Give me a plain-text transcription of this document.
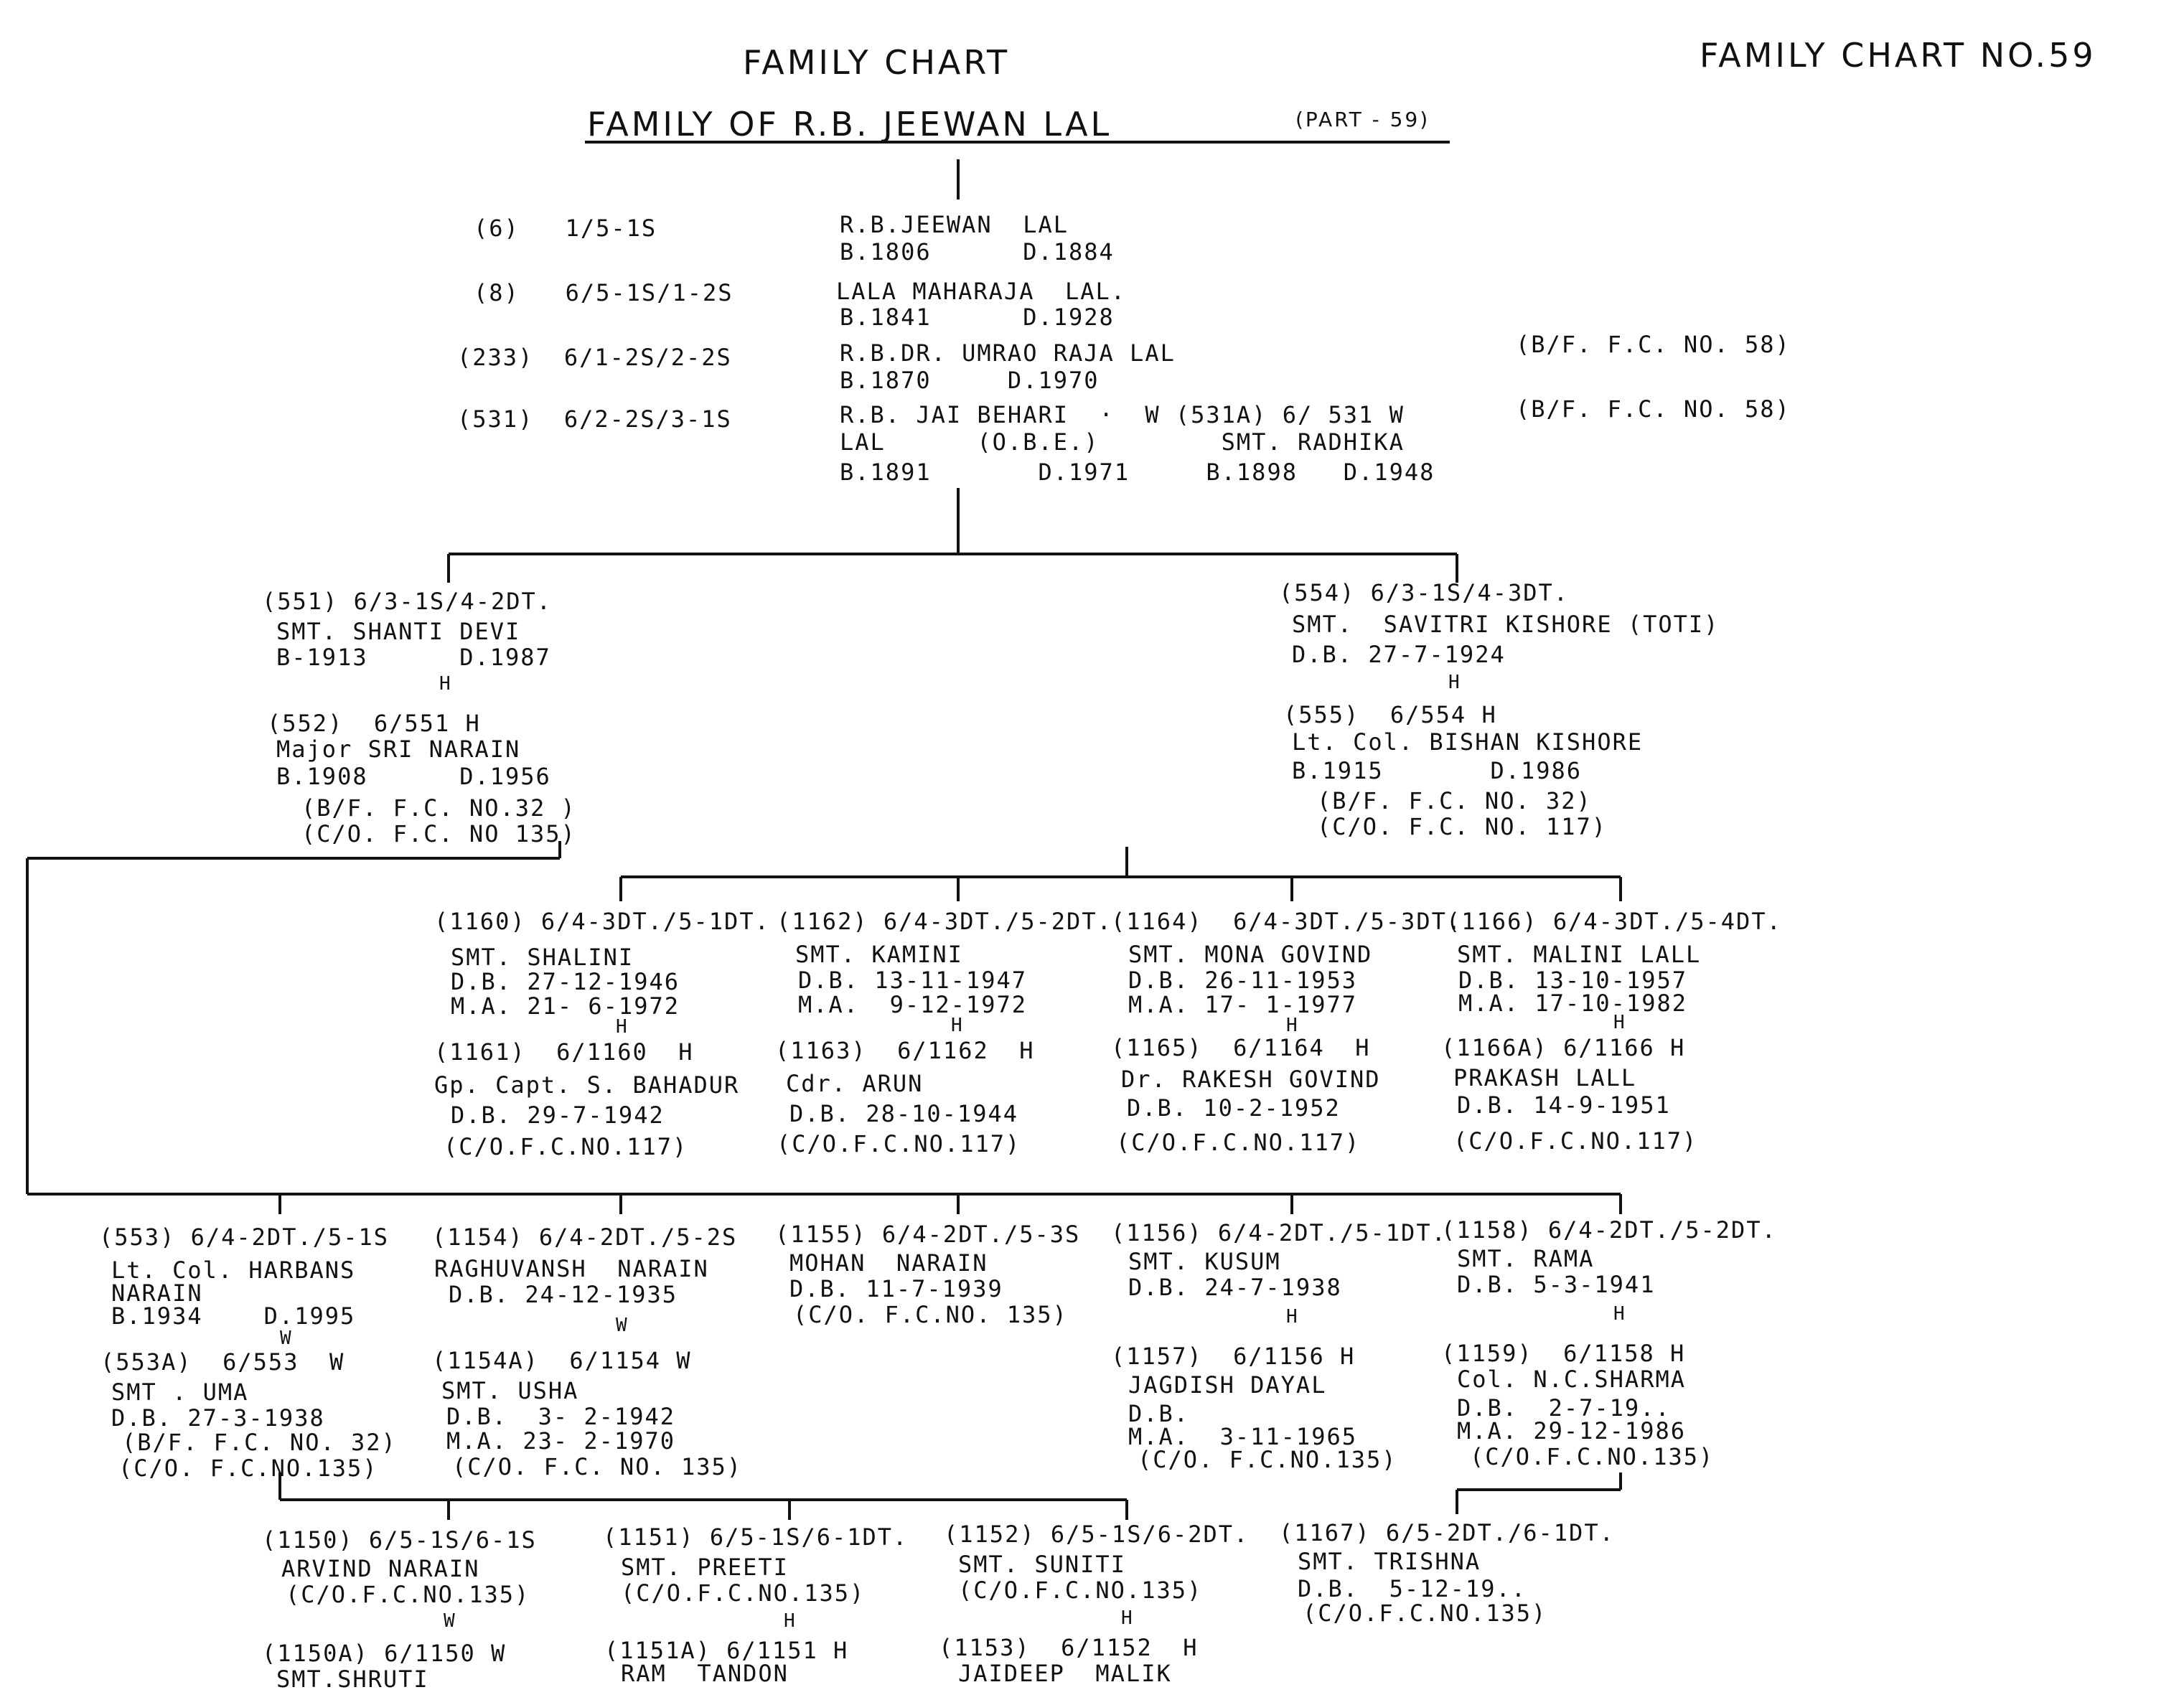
FAMILY CHART	FAMILY CHART NO.59
FAMILY OF R.B. JEEWAN LAL	(PART - 59)
(6)   1/5-1S	R.B.JEEWAN  LAL
B.1806      D.1884
(8)   6/5-1S/1-2S	LALA MAHARAJA  LAL.
B.1841      D.1928
(233)  6/1-2S/2-2S	R.B.DR. UMRAO RAJA LAL
B.1870     D.1970
(B/F. F.C. NO. 58)
(531)  6/2-2S/3-1S	R.B. JAI BEHARI  ·  W (531A) 6/ 531 W
LAL      (O.B.E.)        SMT. RADHIKA
B.1891       D.1971     B.1898   D.1948
(B/F. F.C. NO. 58)
(551) 6/3-1S/4-2DT.
SMT. SHANTI DEVI
B-1913      D.1987
H
(552)  6/551 H
Major SRI NARAIN
B.1908      D.1956
(B/F. F.C. NO.32 )
(C/O. F.C. NO 135)
(554) 6/3-1S/4-3DT.
SMT.  SAVITRI KISHORE (TOTI)
D.B. 27-7-1924
H
(555)  6/554 H
Lt. Col. BISHAN KISHORE
B.1915       D.1986
(B/F. F.C. NO. 32)
(C/O. F.C. NO. 117)
(1160) 6/4-3DT./5-1DT.
SMT. SHALINI
D.B. 27-12-1946
M.A. 21- 6-1972
H
(1161)  6/1160  H
Gp. Capt. S. BAHADUR
D.B. 29-7-1942
(C/O.F.C.NO.117)
(1162) 6/4-3DT./5-2DT.
SMT. KAMINI
D.B. 13-11-1947
M.A.  9-12-1972
H
(1163)  6/1162  H
Cdr. ARUN
D.B. 28-10-1944
(C/O.F.C.NO.117)
(1164)  6/4-3DT./5-3DT.
SMT. MONA GOVIND
D.B. 26-11-1953
M.A. 17- 1-1977
H
(1165)  6/1164  H
Dr. RAKESH GOVIND
D.B. 10-2-1952
(C/O.F.C.NO.117)
(1166) 6/4-3DT./5-4DT.
SMT. MALINI LALL
D.B. 13-10-1957
M.A. 17-10-1982
H
(1166A) 6/1166 H
PRAKASH LALL
D.B. 14-9-1951
(C/O.F.C.NO.117)
(553) 6/4-2DT./5-1S
Lt. Col. HARBANS
NARAIN
B.1934    D.1995
W
(553A)  6/553  W
SMT . UMA
D.B. 27-3-1938
(B/F. F.C. NO. 32)
(C/O. F.C.NO.135)
(1154) 6/4-2DT./5-2S
RAGHUVANSH  NARAIN
D.B. 24-12-1935
W
(1154A)  6/1154 W
SMT. USHA
D.B.  3- 2-1942
M.A. 23- 2-1970
(C/O. F.C. NO. 135)
(1155) 6/4-2DT./5-3S
MOHAN  NARAIN
D.B. 11-7-1939
(C/O. F.C.NO. 135)
(1156) 6/4-2DT./5-1DT.
SMT. KUSUM
D.B. 24-7-1938
H
(1157)  6/1156 H
JAGDISH DAYAL
D.B.
M.A.  3-11-1965
(C/O. F.C.NO.135)
(1158) 6/4-2DT./5-2DT.
SMT. RAMA
D.B. 5-3-1941
H
(1159)  6/1158 H
Col. N.C.SHARMA
D.B.  2-7-19..
M.A. 29-12-1986
(C/O.F.C.NO.135)
(1150) 6/5-1S/6-1S
ARVIND NARAIN
(C/O.F.C.NO.135)
W
(1150A) 6/1150 W
SMT.SHRUTI
(1151) 6/5-1S/6-1DT.
SMT. PREETI
(C/O.F.C.NO.135)
H
(1151A) 6/1151 H
RAM  TANDON
(1152) 6/5-1S/6-2DT.
SMT. SUNITI
(C/O.F.C.NO.135)
H
(1153)  6/1152  H
JAIDEEP  MALIK
(1167) 6/5-2DT./6-1DT.
SMT. TRISHNA
D.B.  5-12-19..
(C/O.F.C.NO.135)
